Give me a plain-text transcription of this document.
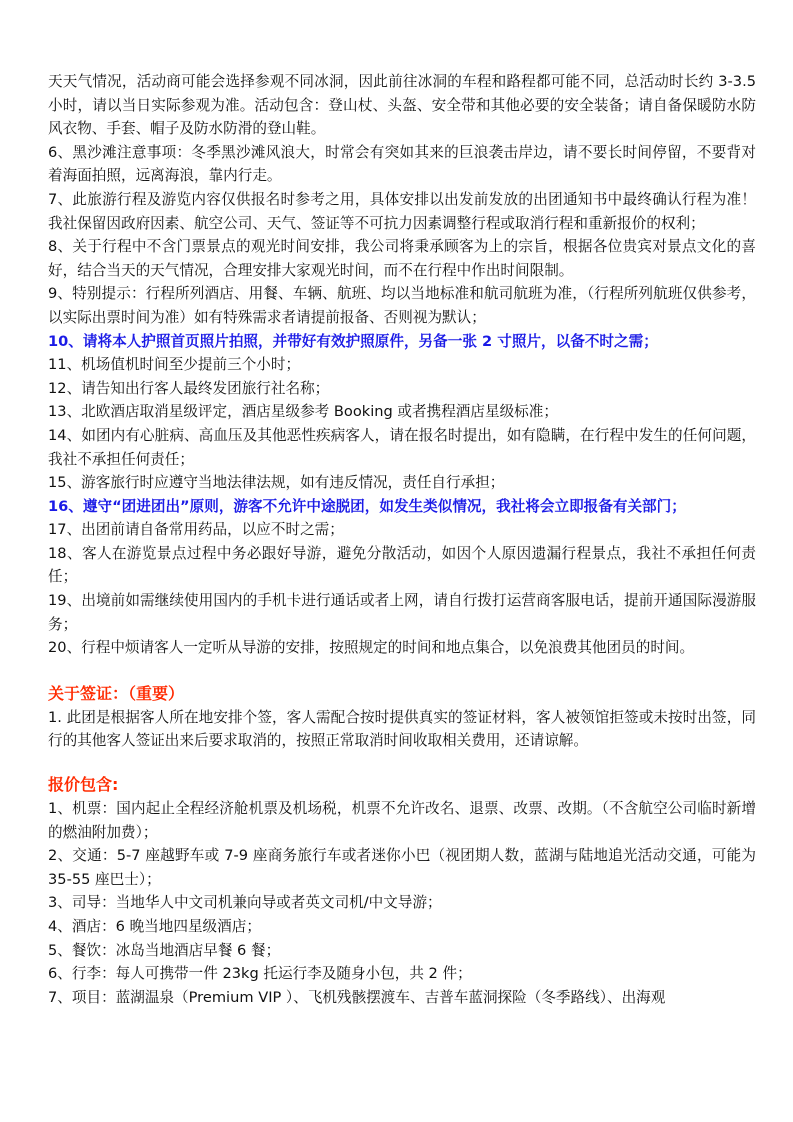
天天气情况，活动商可能会选择参观不同冰洞，因此前往冰洞的车程和路程都可能不同，总活动时长约 3-3.5 小时，请以当日实际参观为准。活动包含：登山杖、头盔、安全带和其他必要的安全装备；请自备保暖防水防风衣物、手套、帽子及防水防滑的登山鞋。

6、黑沙滩注意事项：冬季黑沙滩风浪大，时常会有突如其来的巨浪袭击岸边，请不要长时间停留，不要背对着海面拍照，远离海浪，靠内行走。

7、此旅游行程及游览内容仅供报名时参考之用，具体安排以出发前发放的出团通知书中最终确认行程为准！我社保留因政府因素、航空公司、天气、签证等不可抗力因素调整行程或取消行程和重新报价的权利；

8、关于行程中不含门票景点的观光时间安排，我公司将秉承顾客为上的宗旨，根据各位贵宾对景点文化的喜好，结合当天的天气情况，合理安排大家观光时间，而不在行程中作出时间限制。

9、特别提示：行程所列酒店、用餐、车辆、航班、均以当地标准和航司航班为准，（行程所列航班仅供参考，以实际出票时间为准）如有特殊需求者请提前报备、否则视为默认；

10、请将本人护照首页照片拍照，并带好有效护照原件，另备一张 2 寸照片，以备不时之需；

11、机场值机时间至少提前三个小时；

12、请告知出行客人最终发团旅行社名称；

13、北欧酒店取消星级评定，酒店星级参考 Booking 或者携程酒店星级标准；

14、如团内有心脏病、高血压及其他恶性疾病客人，请在报名时提出，如有隐瞒，在行程中发生的任何问题，我社不承担任何责任；

15、游客旅行时应遵守当地法律法规，如有违反情况，责任自行承担；

16、遵守“团进团出”原则，游客不允许中途脱团，如发生类似情况，我社将会立即报备有关部门；

17、出团前请自备常用药品，以应不时之需；

18、客人在游览景点过程中务必跟好导游，避免分散活动，如因个人原因遗漏行程景点，我社不承担任何责任；

19、出境前如需继续使用国内的手机卡进行通话或者上网，请自行拨打运营商客服电话，提前开通国际漫游服务；

20、行程中烦请客人一定听从导游的安排，按照规定的时间和地点集合，以免浪费其他团员的时间。

关于签证：（重要）

1. 此团是根据客人所在地安排个签，客人需配合按时提供真实的签证材料，客人被领馆拒签或未按时出签，同行的其他客人签证出来后要求取消的，按照正常取消时间收取相关费用，还请谅解。

报价包含:

1、机票：国内起止全程经济舱机票及机场税，机票不允许改名、退票、改票、改期。（不含航空公司临时新增的燃油附加费）；

2、交通：5-7 座越野车或 7-9 座商务旅行车或者迷你小巴（视团期人数，蓝湖与陆地追光活动交通，可能为 35-55 座巴士）；

3、司导：当地华人中文司机兼向导或者英文司机/中文导游；

4、酒店：6 晚当地四星级酒店；

5、餐饮：冰岛当地酒店早餐 6 餐；

6、行李：每人可携带一件 23kg 托运行李及随身小包，共 2 件；

7、项目：蓝湖温泉（Premium VIP ）、飞机残骸摆渡车、吉普车蓝洞探险（冬季路线）、出海观
